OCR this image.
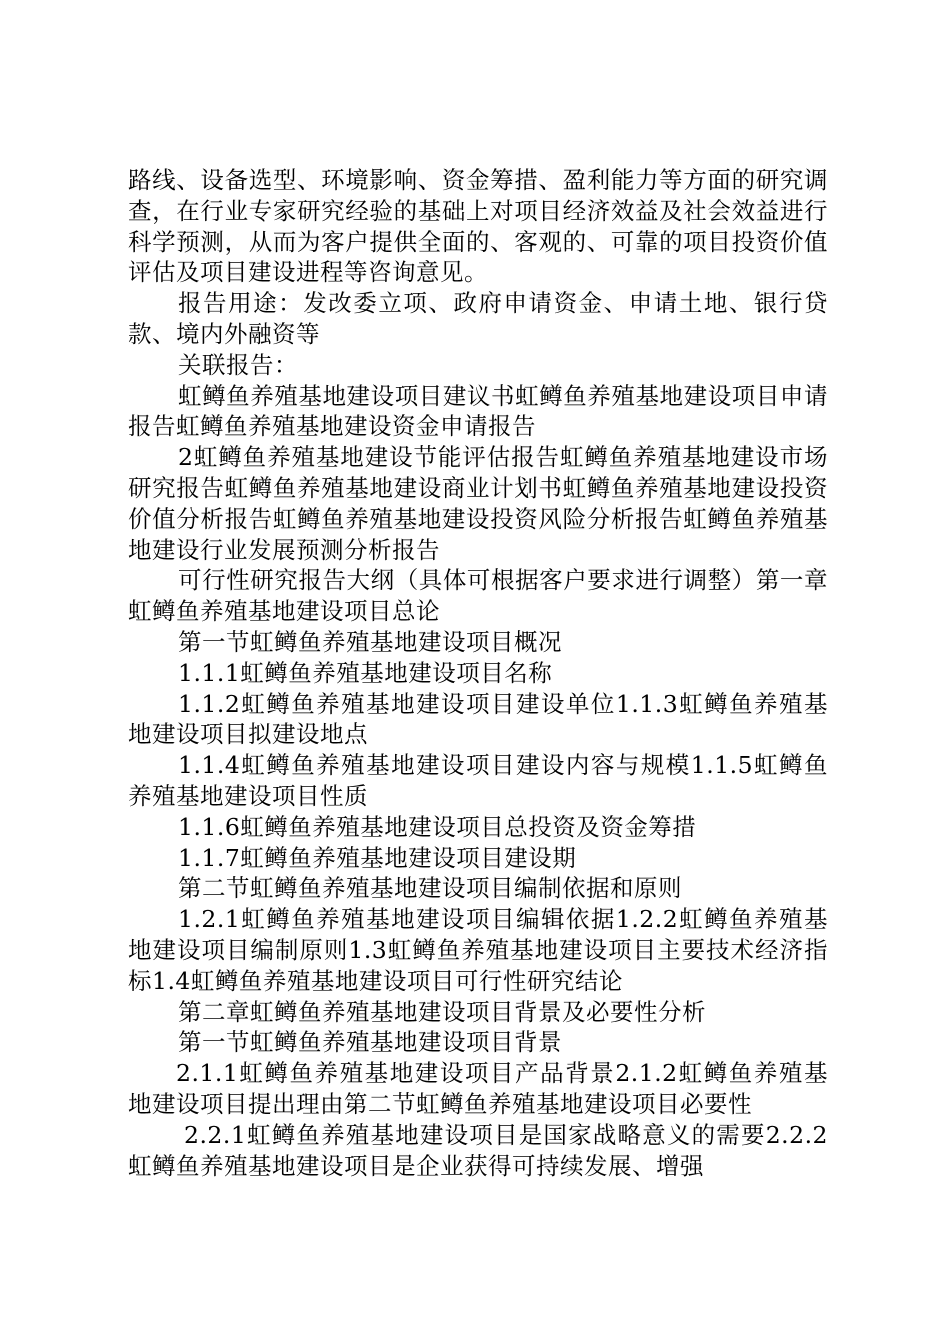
路线、设备选型、环境影响、资金筹措、盈利能力等方面的研究调查，在行业专家研究经验的基础上对项目经济效益及社会效益进行科学预测，从而为客户提供全面的、客观的、可靠的项目投资价值评估及项目建设进程等咨询意见。

报告用途：发改委立项、政府申请资金、申请土地、银行贷款、境内外融资等

关联报告：

虹鳟鱼养殖基地建设项目建议书虹鳟鱼养殖基地建设项目申请报告虹鳟鱼养殖基地建设资金申请报告

2虹鳟鱼养殖基地建设节能评估报告虹鳟鱼养殖基地建设市场研究报告虹鳟鱼养殖基地建设商业计划书虹鳟鱼养殖基地建设投资价值分析报告虹鳟鱼养殖基地建设投资风险分析报告虹鳟鱼养殖基地建设行业发展预测分析报告

可行性研究报告大纲（具体可根据客户要求进行调整）第一章虹鳟鱼养殖基地建设项目总论

第一节虹鳟鱼养殖基地建设项目概况

1.1.1虹鳟鱼养殖基地建设项目名称

1.1.2虹鳟鱼养殖基地建设项目建设单位1.1.3虹鳟鱼养殖基地建设项目拟建设地点

1.1.4虹鳟鱼养殖基地建设项目建设内容与规模1.1.5虹鳟鱼养殖基地建设项目性质

1.1.6虹鳟鱼养殖基地建设项目总投资及资金筹措

1.1.7虹鳟鱼养殖基地建设项目建设期

第二节虹鳟鱼养殖基地建设项目编制依据和原则

1.2.1虹鳟鱼养殖基地建设项目编辑依据1.2.2虹鳟鱼养殖基地建设项目编制原则1.3虹鳟鱼养殖基地建设项目主要技术经济指标1.4虹鳟鱼养殖基地建设项目可行性研究结论

第二章虹鳟鱼养殖基地建设项目背景及必要性分析

第一节虹鳟鱼养殖基地建设项目背景

2.1.1虹鳟鱼养殖基地建设项目产品背景2.1.2虹鳟鱼养殖基地建设项目提出理由第二节虹鳟鱼养殖基地建设项目必要性

2.2.1虹鳟鱼养殖基地建设项目是国家战略意义的需要2.2.2虹鳟鱼养殖基地建设项目是企业获得可持续发展、增强
